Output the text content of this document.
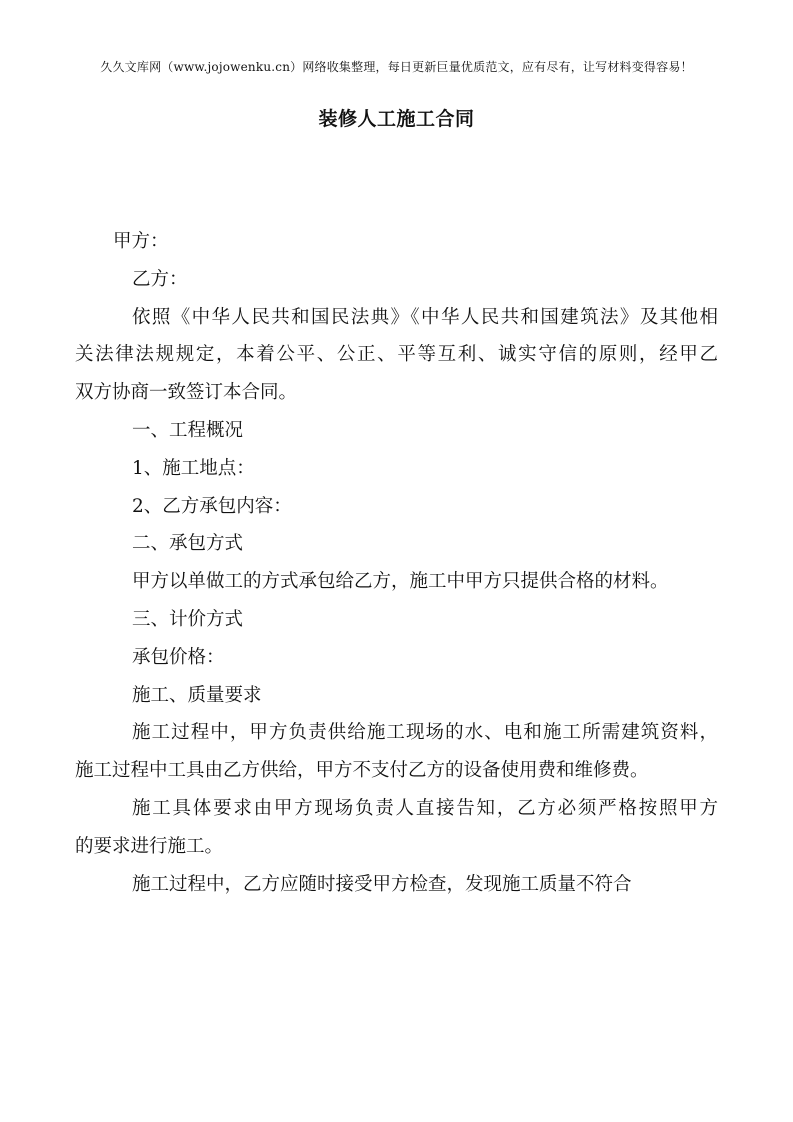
久久文库网（www.jojowenku.cn）网络收集整理，每日更新巨量优质范文，应有尽有，让写材料变得容易！
装修人工施工合同

甲方：

乙方：

依照《中华人民共和国民法典》《中华人民共和国建筑法》及其他相

关法律法规规定，本着公平、公正、平等互利、诚实守信的原则，经甲乙

双方协商一致签订本合同。

一、工程概况

1、施工地点：

2、乙方承包内容：

二、承包方式

甲方以单做工的方式承包给乙方，施工中甲方只提供合格的材料。

三、计价方式

承包价格：

施工、质量要求

施工过程中，甲方负责供给施工现场的水、电和施工所需建筑资料，

施工过程中工具由乙方供给，甲方不支付乙方的设备使用费和维修费。

施工具体要求由甲方现场负责人直接告知，乙方必须严格按照甲方

的要求进行施工。

施工过程中，乙方应随时接受甲方检查，发现施工质量不符合
